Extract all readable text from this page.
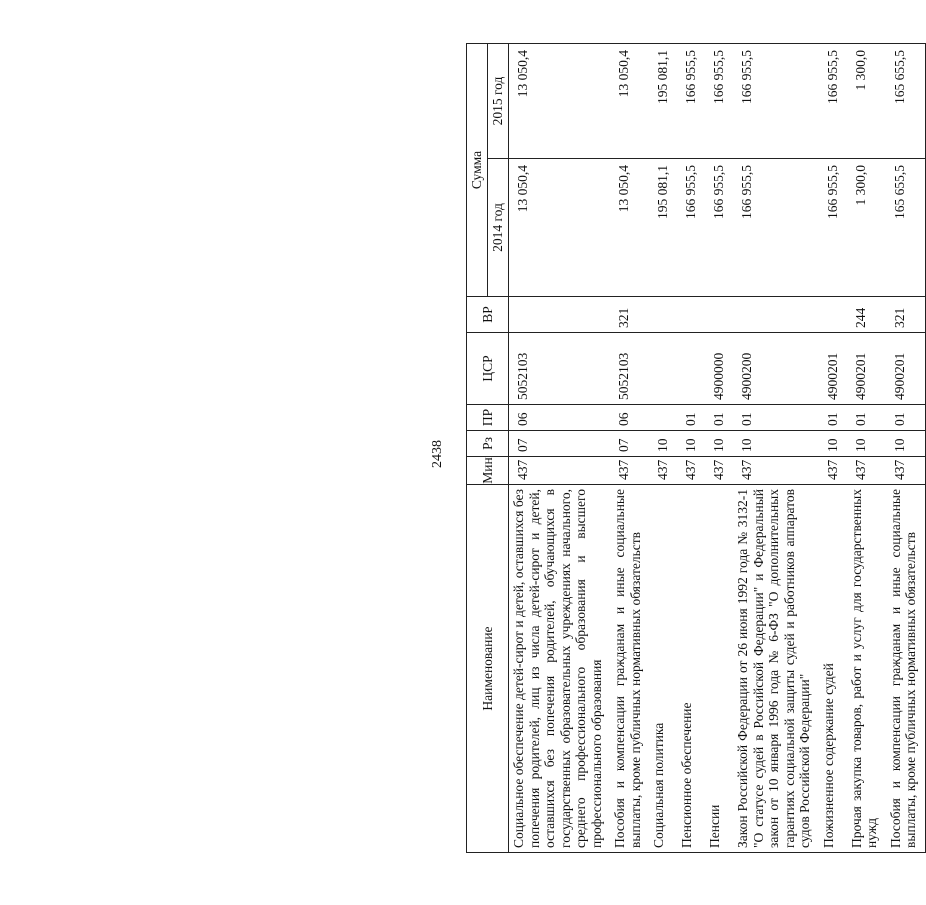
2438
Наименование	Мин	Рз	ПР	ЦСР	ВР	Сумма	
						2014 год	2015 год
Социальное обеспечение детей-сирот и детей, оставшихся без попечения родителей, лиц из числа детей-сирот и детей, оставшихся без попечения родителей, обучающихся в государственных образовательных учреждениях начального, среднего профессионального образования и высшего профессионального образования	437	07	06	5052103		13 050,4	13 050,4
Пособия и компенсации гражданам и иные социальные выплаты, кроме публичных нормативных обязательств	437	07	06	5052103	321	13 050,4	13 050,4
Социальная политика	437	10				195 081,1	195 081,1
Пенсионное обеспечение	437	10	01			166 955,5	166 955,5
Пенсии	437	10	01	4900000		166 955,5	166 955,5
Закон Российской Федерации от 26 июня 1992 года № 3132-1 "О статусе судей в Российской Федерации" и Федеральный закон от 10 января 1996 года № 6-ФЗ "О дополнительных гарантиях социальной защиты судей и работников аппаратов судов Российской Федерации"	437	10	01	4900200		166 955,5	166 955,5
Пожизненное содержание судей	437	10	01	4900201		166 955,5	166 955,5
Прочая закупка товаров, работ и услуг для государственных нужд	437	10	01	4900201	244	1 300,0	1 300,0
Пособия и компенсации гражданам и иные социальные выплаты, кроме публичных нормативных обязательств	437	10	01	4900201	321	165 655,5	165 655,5
